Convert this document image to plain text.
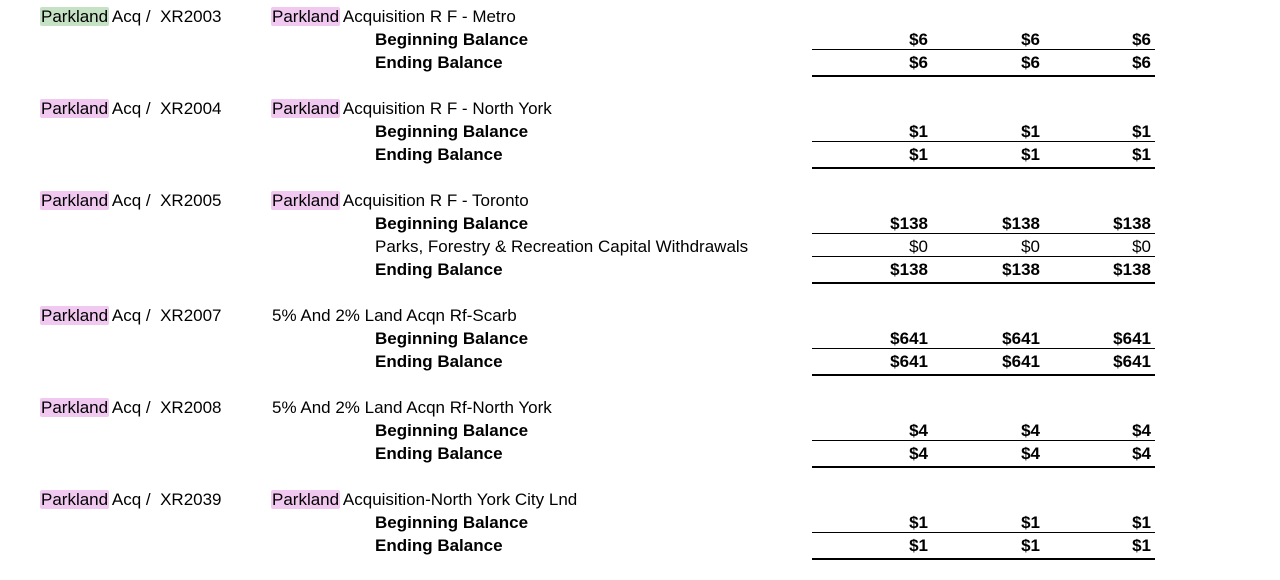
Parkland Acq /  XR2003	Parkland Acquisition R F - Metro
Beginning Balance	$6	$6	$6
Ending Balance	$6	$6	$6
Parkland Acq /  XR2004	Parkland Acquisition R F - North York
Beginning Balance	$1	$1	$1
Ending Balance	$1	$1	$1
Parkland Acq /  XR2005	Parkland Acquisition R F - Toronto
Beginning Balance	$138	$138	$138
Parks, Forestry & Recreation Capital Withdrawals	$0	$0	$0
Ending Balance	$138	$138	$138
Parkland Acq /  XR2007	5% And 2% Land Acqn Rf-Scarb
Beginning Balance	$641	$641	$641
Ending Balance	$641	$641	$641
Parkland Acq /  XR2008	5% And 2% Land Acqn Rf-North York
Beginning Balance	$4	$4	$4
Ending Balance	$4	$4	$4
Parkland Acq /  XR2039	Parkland Acquisition-North York City Lnd
Beginning Balance	$1	$1	$1
Ending Balance	$1	$1	$1
